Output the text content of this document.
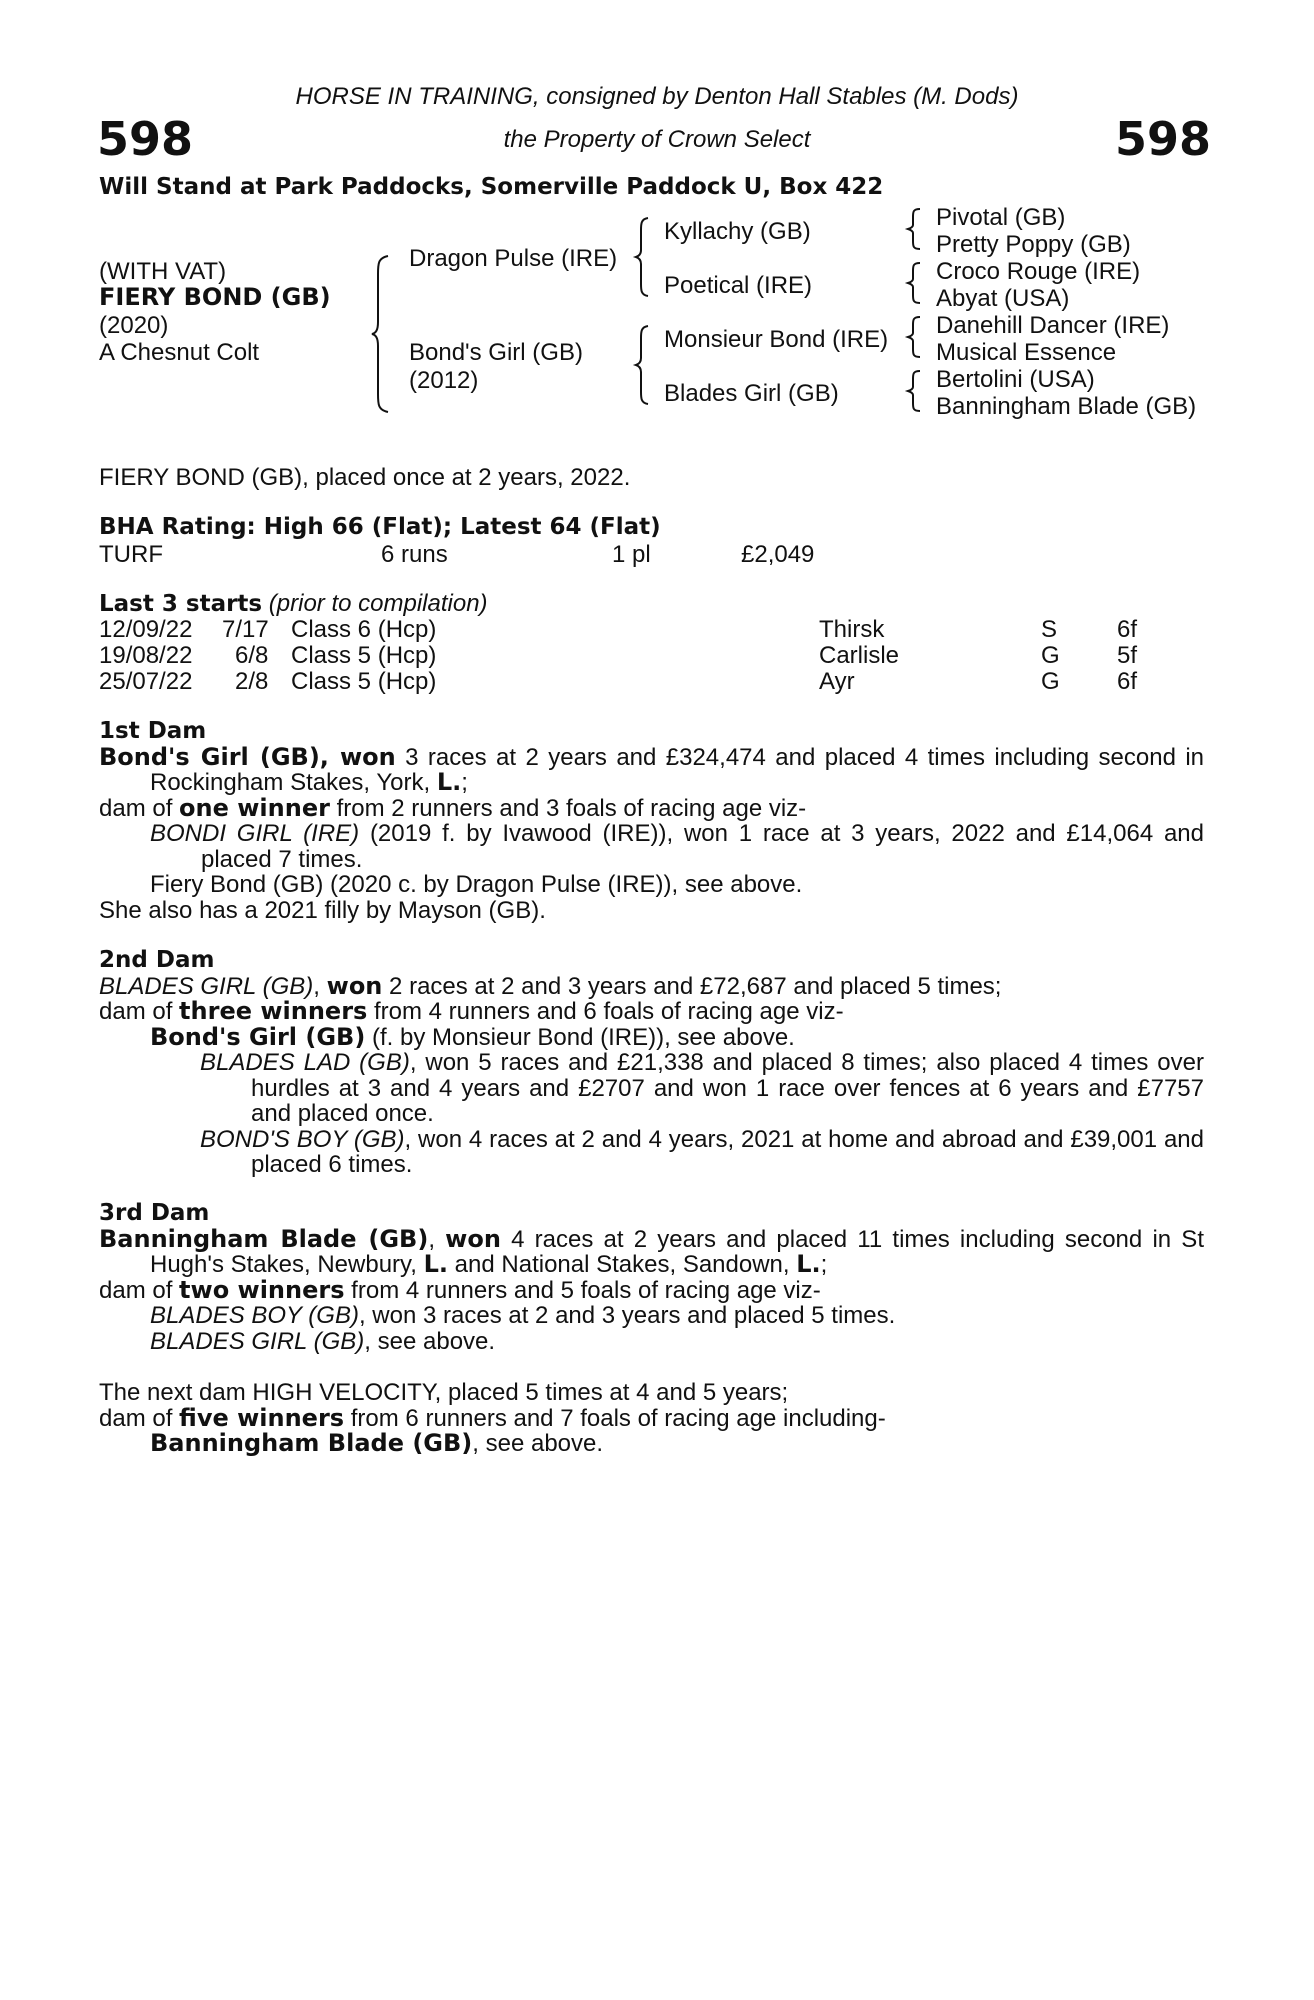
HORSE IN TRAINING, consigned by Denton Hall Stables (M. Dods)
the Property of Crown Select
598	598
Will Stand at Park Paddocks, Somerville Paddock U, Box 422
(WITH VAT)
FIERY BOND (GB)
(2020)
A Chesnut Colt
Dragon Pulse (IRE)
Bond's Girl (GB)
(2012)
Kyllachy (GB)
Poetical (IRE)
Monsieur Bond (IRE)
Blades Girl (GB)
Pivotal (GB)
Pretty Poppy (GB)
Croco Rouge (IRE)
Abyat (USA)
Danehill Dancer (IRE)
Musical Essence
Bertolini (USA)
Banningham Blade (GB)
FIERY BOND (GB), placed once at 2 years, 2022.
BHA Rating: High 66 (Flat); Latest 64 (Flat)
TURF	6 runs	1 pl	£2,049
Last 3 starts (prior to compilation)
12/09/22 7/17 Class 6 (Hcp)	Thirsk	S 6f
19/08/22 6/8 Class 5 (Hcp)	Carlisle	G 5f
25/07/22 2/8 Class 5 (Hcp)	Ayr	G 6f
1st Dam
Bond's Girl (GB), won 3 races at 2 years and £324,474 and placed 4 times including second in Rockingham Stakes, York, L.;
dam of one winner from 2 runners and 3 foals of racing age viz-
BONDI GIRL (IRE) (2019 f. by Ivawood (IRE)), won 1 race at 3 years, 2022 and £14,064 and placed 7 times.
Fiery Bond (GB) (2020 c. by Dragon Pulse (IRE)), see above.
She also has a 2021 filly by Mayson (GB).
2nd Dam
BLADES GIRL (GB), won 2 races at 2 and 3 years and £72,687 and placed 5 times;
dam of three winners from 4 runners and 6 foals of racing age viz-
Bond's Girl (GB) (f. by Monsieur Bond (IRE)), see above.
BLADES LAD (GB), won 5 races and £21,338 and placed 8 times; also placed 4 times over hurdles at 3 and 4 years and £2707 and won 1 race over fences at 6 years and £7757 and placed once.
BOND'S BOY (GB), won 4 races at 2 and 4 years, 2021 at home and abroad and £39,001 and placed 6 times.
3rd Dam
Banningham Blade (GB), won 4 races at 2 years and placed 11 times including second in St Hugh's Stakes, Newbury, L. and National Stakes, Sandown, L.;
dam of two winners from 4 runners and 5 foals of racing age viz-
BLADES BOY (GB), won 3 races at 2 and 3 years and placed 5 times.
BLADES GIRL (GB), see above.
The next dam HIGH VELOCITY, placed 5 times at 4 and 5 years;
dam of five winners from 6 runners and 7 foals of racing age including-
Banningham Blade (GB), see above.
